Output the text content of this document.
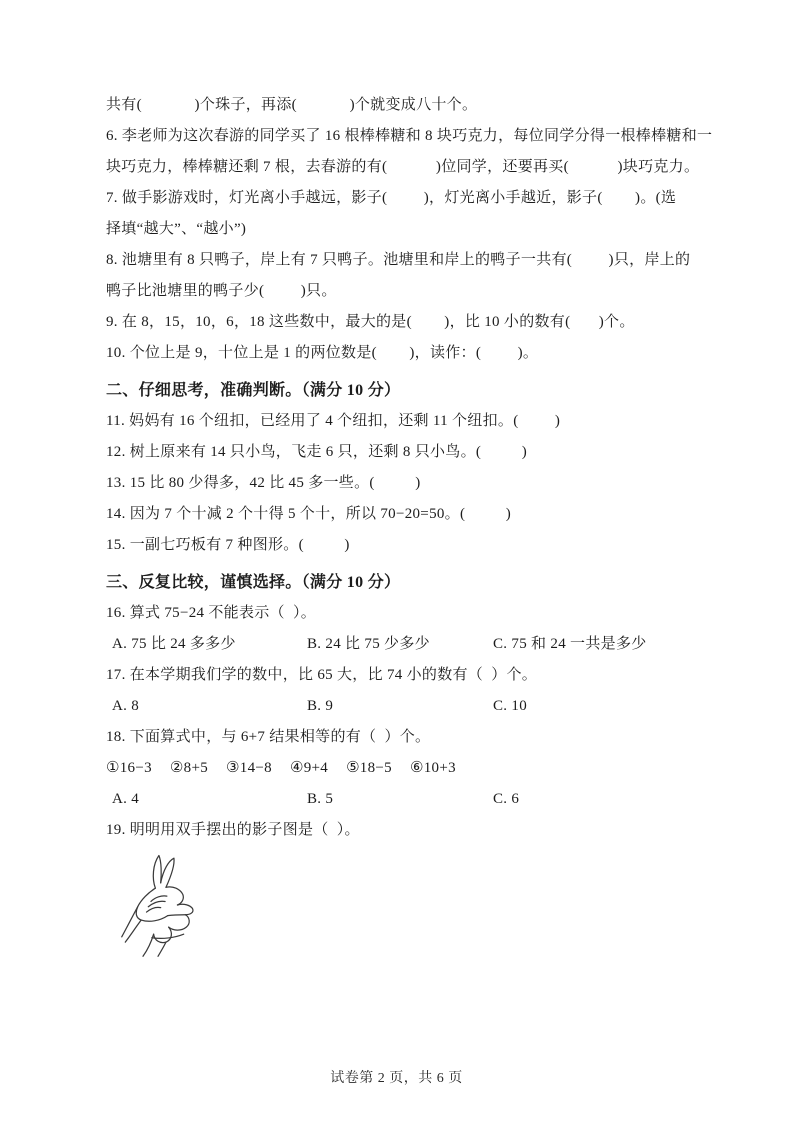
共有(             )个珠子，再添(             )个就变成八十个。
6. 李老师为这次春游的同学买了 16 根棒棒糖和 8 块巧克力，每位同学分得一根棒棒糖和一
块巧克力，棒棒糖还剩 7 根，去春游的有(            )位同学，还要再买(            )块巧克力。
7. 做手影游戏时，灯光离小手越远，影子(         )，灯光离小手越近，影子(        )。(选
择填“越大”、“越小”)
8. 池塘里有 8 只鸭子，岸上有 7 只鸭子。池塘里和岸上的鸭子一共有(         )只，岸上的
鸭子比池塘里的鸭子少(         )只。
9. 在 8，15，10，6，18 这些数中，最大的是(        )，比 10 小的数有(       )个。
10. 个位上是 9，十位上是 1 的两位数是(        )，读作：(         )。
二、仔细思考，准确判断。（满分 10 分）
11. 妈妈有 16 个纽扣，已经用了 4 个纽扣，还剩 11 个纽扣。(         )
12. 树上原来有 14 只小鸟，飞走 6 只，还剩 8 只小鸟。(          )
13. 15 比 80 少得多，42 比 45 多一些。(          )
14. 因为 7 个十减 2 个十得 5 个十，所以 70−20=50。(          )
15. 一副七巧板有 7 种图形。(          )
三、反复比较，谨慎选择。（满分 10 分）
16. 算式 75−24 不能表示（  ）。
A. 75 比 24 多多少	B. 24 比 75 少多少	C. 75 和 24 一共是多少
17. 在本学期我们学的数中，比 65 大，比 74 小的数有（  ）个。
A. 8	B. 9	C. 10
18. 下面算式中，与 6+7 结果相等的有（  ）个。
①16−3 ②8+5 ③14−8 ④9+4 ⑤18−5 ⑥10+3
A. 4	B. 5	C. 6
19. 明明用双手摆出的影子图是（  ）。
试卷第 2 页，共 6 页
